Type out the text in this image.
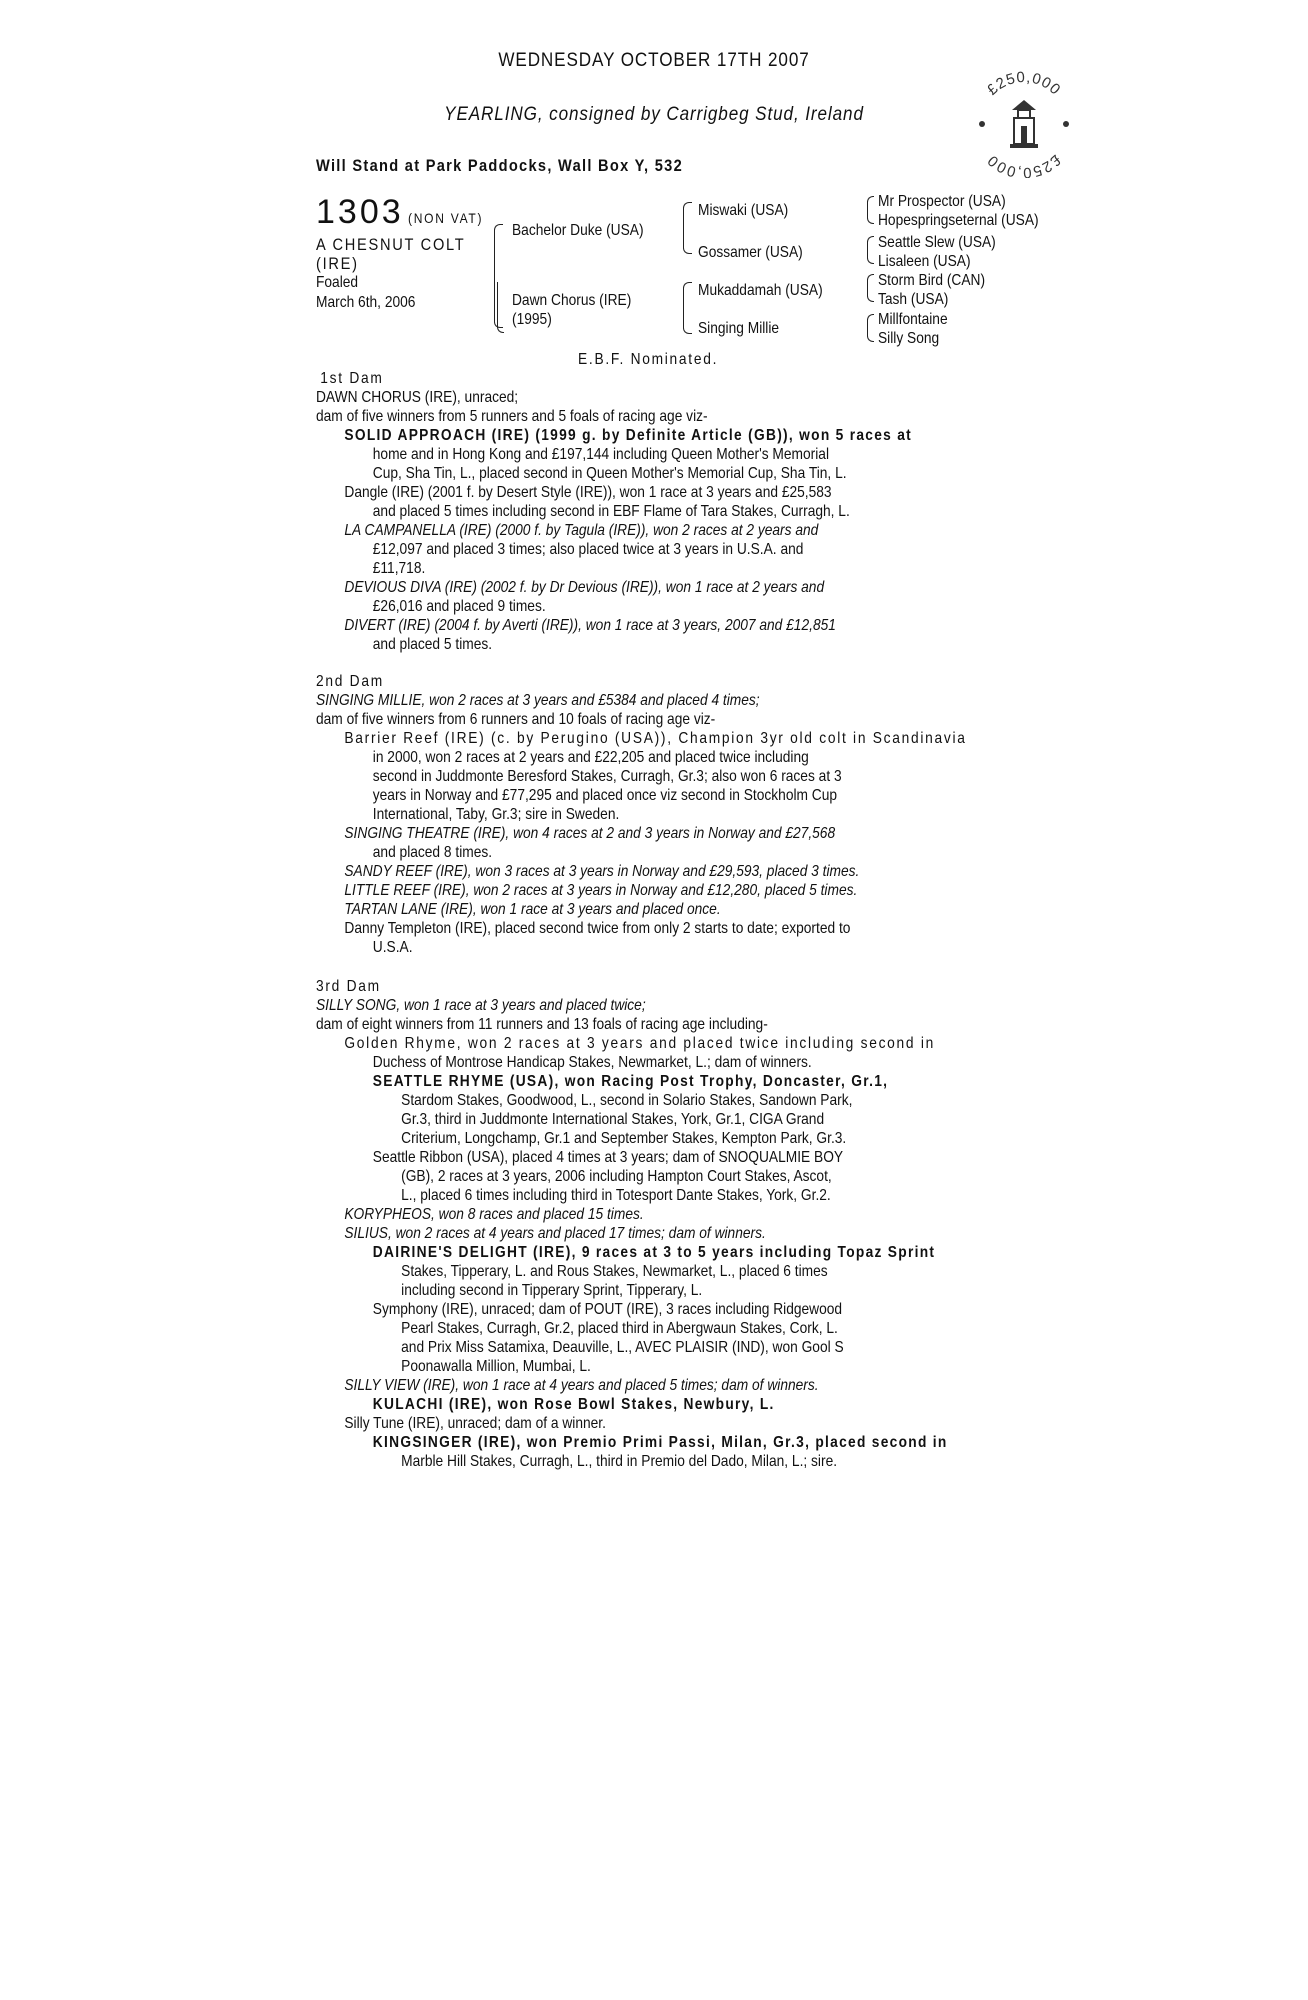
WEDNESDAY OCTOBER 17TH 2007
YEARLING, consigned by Carrigbeg Stud, Ireland
Will Stand at Park Paddocks, Wall Box Y, 532
£250,000
£250,000
1303 (NON VAT)
A CHESNUT COLT
(IRE)
Foaled
March 6th, 2006
Bachelor Duke (USA)
Dawn Chorus (IRE)
(1995)
Miswaki (USA)
Gossamer (USA)
Mukaddamah (USA)
Singing Millie
Mr Prospector (USA)
Hopespringseternal (USA)
Seattle Slew (USA)
Lisaleen (USA)
Storm Bird (CAN)
Tash (USA)
Millfontaine
Silly Song
E.B.F. Nominated.
1st Dam
DAWN CHORUS (IRE), unraced;
dam of five winners from 5 runners and 5 foals of racing age viz-
SOLID APPROACH (IRE) (1999 g. by Definite Article (GB)), won 5 races at
home and in Hong Kong and £197,144 including Queen Mother's Memorial
Cup, Sha Tin, L., placed second in Queen Mother's Memorial Cup, Sha Tin, L.
Dangle (IRE) (2001 f. by Desert Style (IRE)), won 1 race at 3 years and £25,583
and placed 5 times including second in EBF Flame of Tara Stakes, Curragh, L.
LA CAMPANELLA (IRE) (2000 f. by Tagula (IRE)), won 2 races at 2 years and
£12,097 and placed 3 times; also placed twice at 3 years in U.S.A. and
£11,718.
DEVIOUS DIVA (IRE) (2002 f. by Dr Devious (IRE)), won 1 race at 2 years and
£26,016 and placed 9 times.
DIVERT (IRE) (2004 f. by Averti (IRE)), won 1 race at 3 years, 2007 and £12,851
and placed 5 times.
2nd Dam
SINGING MILLIE, won 2 races at 3 years and £5384 and placed 4 times;
dam of five winners from 6 runners and 10 foals of racing age viz-
Barrier Reef (IRE) (c. by Perugino (USA)), Champion 3yr old colt in Scandinavia
in 2000, won 2 races at 2 years and £22,205 and placed twice including
second in Juddmonte Beresford Stakes, Curragh, Gr.3; also won 6 races at 3
years in Norway and £77,295 and placed once viz second in Stockholm Cup
International, Taby, Gr.3; sire in Sweden.
SINGING THEATRE (IRE), won 4 races at 2 and 3 years in Norway and £27,568
and placed 8 times.
SANDY REEF (IRE), won 3 races at 3 years in Norway and £29,593, placed 3 times.
LITTLE REEF (IRE), won 2 races at 3 years in Norway and £12,280, placed 5 times.
TARTAN LANE (IRE), won 1 race at 3 years and placed once.
Danny Templeton (IRE), placed second twice from only 2 starts to date; exported to
U.S.A.
3rd Dam
SILLY SONG, won 1 race at 3 years and placed twice;
dam of eight winners from 11 runners and 13 foals of racing age including-
Golden Rhyme, won 2 races at 3 years and placed twice including second in
Duchess of Montrose Handicap Stakes, Newmarket, L.; dam of winners.
SEATTLE RHYME (USA), won Racing Post Trophy, Doncaster, Gr.1,
Stardom Stakes, Goodwood, L., second in Solario Stakes, Sandown Park,
Gr.3, third in Juddmonte International Stakes, York, Gr.1, CIGA Grand
Criterium, Longchamp, Gr.1 and September Stakes, Kempton Park, Gr.3.
Seattle Ribbon (USA), placed 4 times at 3 years; dam of SNOQUALMIE BOY
(GB), 2 races at 3 years, 2006 including Hampton Court Stakes, Ascot,
L., placed 6 times including third in Totesport Dante Stakes, York, Gr.2.
KORYPHEOS, won 8 races and placed 15 times.
SILIUS, won 2 races at 4 years and placed 17 times; dam of winners.
DAIRINE'S DELIGHT (IRE), 9 races at 3 to 5 years including Topaz Sprint
Stakes, Tipperary, L. and Rous Stakes, Newmarket, L., placed 6 times
including second in Tipperary Sprint, Tipperary, L.
Symphony (IRE), unraced; dam of POUT (IRE), 3 races including Ridgewood
Pearl Stakes, Curragh, Gr.2, placed third in Abergwaun Stakes, Cork, L.
and Prix Miss Satamixa, Deauville, L., AVEC PLAISIR (IND), won Gool S
Poonawalla Million, Mumbai, L.
SILLY VIEW (IRE), won 1 race at 4 years and placed 5 times; dam of winners.
KULACHI (IRE), won Rose Bowl Stakes, Newbury, L.
Silly Tune (IRE), unraced; dam of a winner.
KINGSINGER (IRE), won Premio Primi Passi, Milan, Gr.3, placed second in
Marble Hill Stakes, Curragh, L., third in Premio del Dado, Milan, L.; sire.
